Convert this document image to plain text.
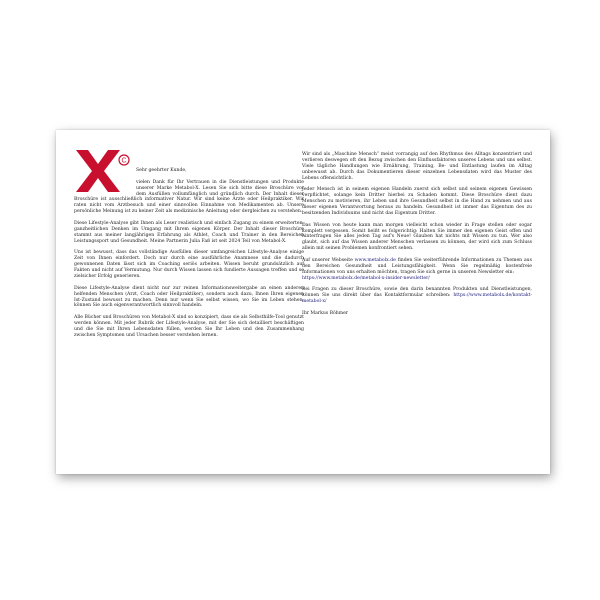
C

Sehr geehrter Kunde,

vielen Dank für Ihr Vertrauen in die Dienstleistungen und Produkte unserer Marke Metabol-X. Lesen Sie sich bitte diese Broschüre vor dem Ausfüllen vollumfänglich und gründlich durch. Der Inhalt dieser Broschüre ist ausschließlich informativer Natur. Wir sind keine Ärzte oder Heilpraktiker. Wir raten nicht vom Arztbesuch und einer sinnvollen Einnahme von Medikamenten ab. Unsere persönliche Meinung ist zu keiner Zeit als medizinische Anleitung oder dergleichen zu verstehen.

Diese Lifestyle-Analyse gibt Ihnen als Leser realistisch und einfach Zugang zu einem erweiterten, ganzheitlichen Denken im Umgang mit Ihrem eigenen Körper. Der Inhalt dieser Broschüre stammt aus meiner langjährigen Erfahrung als Athlet, Coach und Trainer in den Bereichen Leistungssport und Gesundheit. Meine Partnerin Julia Faß ist seit 2024 Teil von Metabol-X.

Uns ist bewusst, dass das vollständige Ausfüllen dieser umfangreichen Lifestyle-Analyse einige Zeit von Ihnen einfordert. Doch nur durch eine ausführliche Anamnese und die dadurch gewonnenen Daten lässt sich im Coaching seriös arbeiten. Wissen beruht grundsätzlich auf Fakten und nicht auf Vermutung. Nur durch Wissen lassen sich fundierte Aussagen treffen und so zielsicher Erfolg generieren.

Diese Lifestyle-Analyse dient nicht nur zur reinen Informationsweitergabe an einen anderen helfenden Menschen (Arzt, Coach oder Heilpraktiker), sondern auch dazu, Ihnen Ihren eigenen Ist-Zustand bewusst zu machen. Denn nur wenn Sie selbst wissen, wo Sie im Leben stehen, können Sie auch eigenverantwortlich sinnvoll handeln.

Alle Bücher und Broschüren von Metabol-X sind so konzipiert, dass sie als Selbsthilfe-Tool genutzt werden können. Mit jeder Rubrik der Lifestyle-Analyse, mit der Sie sich detailliert beschäftigen und die Sie mit Ihren Lebensdaten füllen, werden Sie Ihr Leben und den Zusammenhang zwischen Symptomen und Ursachen besser verstehen lernen.

Wir sind als „Maschine Mensch“ meist vorrangig auf den Rhythmus des Alltags konzentriert und verlieren deswegen oft den Bezug zwischen den Einflussfaktoren unseres Lebens und uns selbst. Viele tägliche Handlungen wie Ernährung, Training, Be- und Entlastung laufen im Alltag unbewusst ab. Durch das Dokumentieren dieser einzelnen Lebensdaten wird das Muster des Lebens offensichtlich.

Jeder Mensch ist in seinem eigenen Handeln zuerst sich selbst und seinem eigenen Gewissen verpflichtet, solange kein Dritter hierbei zu Schaden kommt. Diese Broschüre dient dazu Menschen zu motivieren, ihr Leben und ihre Gesundheit selbst in die Hand zu nehmen und aus dieser eigenen Verantwortung heraus zu handeln. Gesundheit ist immer das Eigentum des zu besitzenden Individuums und nicht das Eigentum Dritter.

Das Wissen von heute kann man morgen vielleicht schon wieder in Frage stellen oder sogar komplett vergessen. Somit heißt es folgerichtig: Halten Sie immer den eigenen Geist offen und hinterfragen Sie alles jeden Tag auf's Neue! Glauben hat nichts mit Wissen zu tun. Wer also glaubt, sich auf das Wissen anderer Menschen verlassen zu können, der wird sich zum Schluss allein mit seinen Problemen konfrontiert sehen.

Auf unserer Webseite www.metabolx.de finden Sie weiterführende Informationen zu Themen aus den Bereichen Gesundheit und Leistungsfähigkeit. Wenn Sie regelmäßig kostenfreie Informationen von uns erhalten möchten, tragen Sie sich gerne in unseren Newsletter ein:
https://www.metabolx.de/metabol-x-insider-newsletter/

Bei Fragen zu dieser Broschüre, sowie den darin benannten Produkten und Dienstleistungen, können Sie uns direkt über das Kontaktformular schreiben: https://www.metabolx.de/kontakt-metabol-x/

Ihr Markus Böhmer
